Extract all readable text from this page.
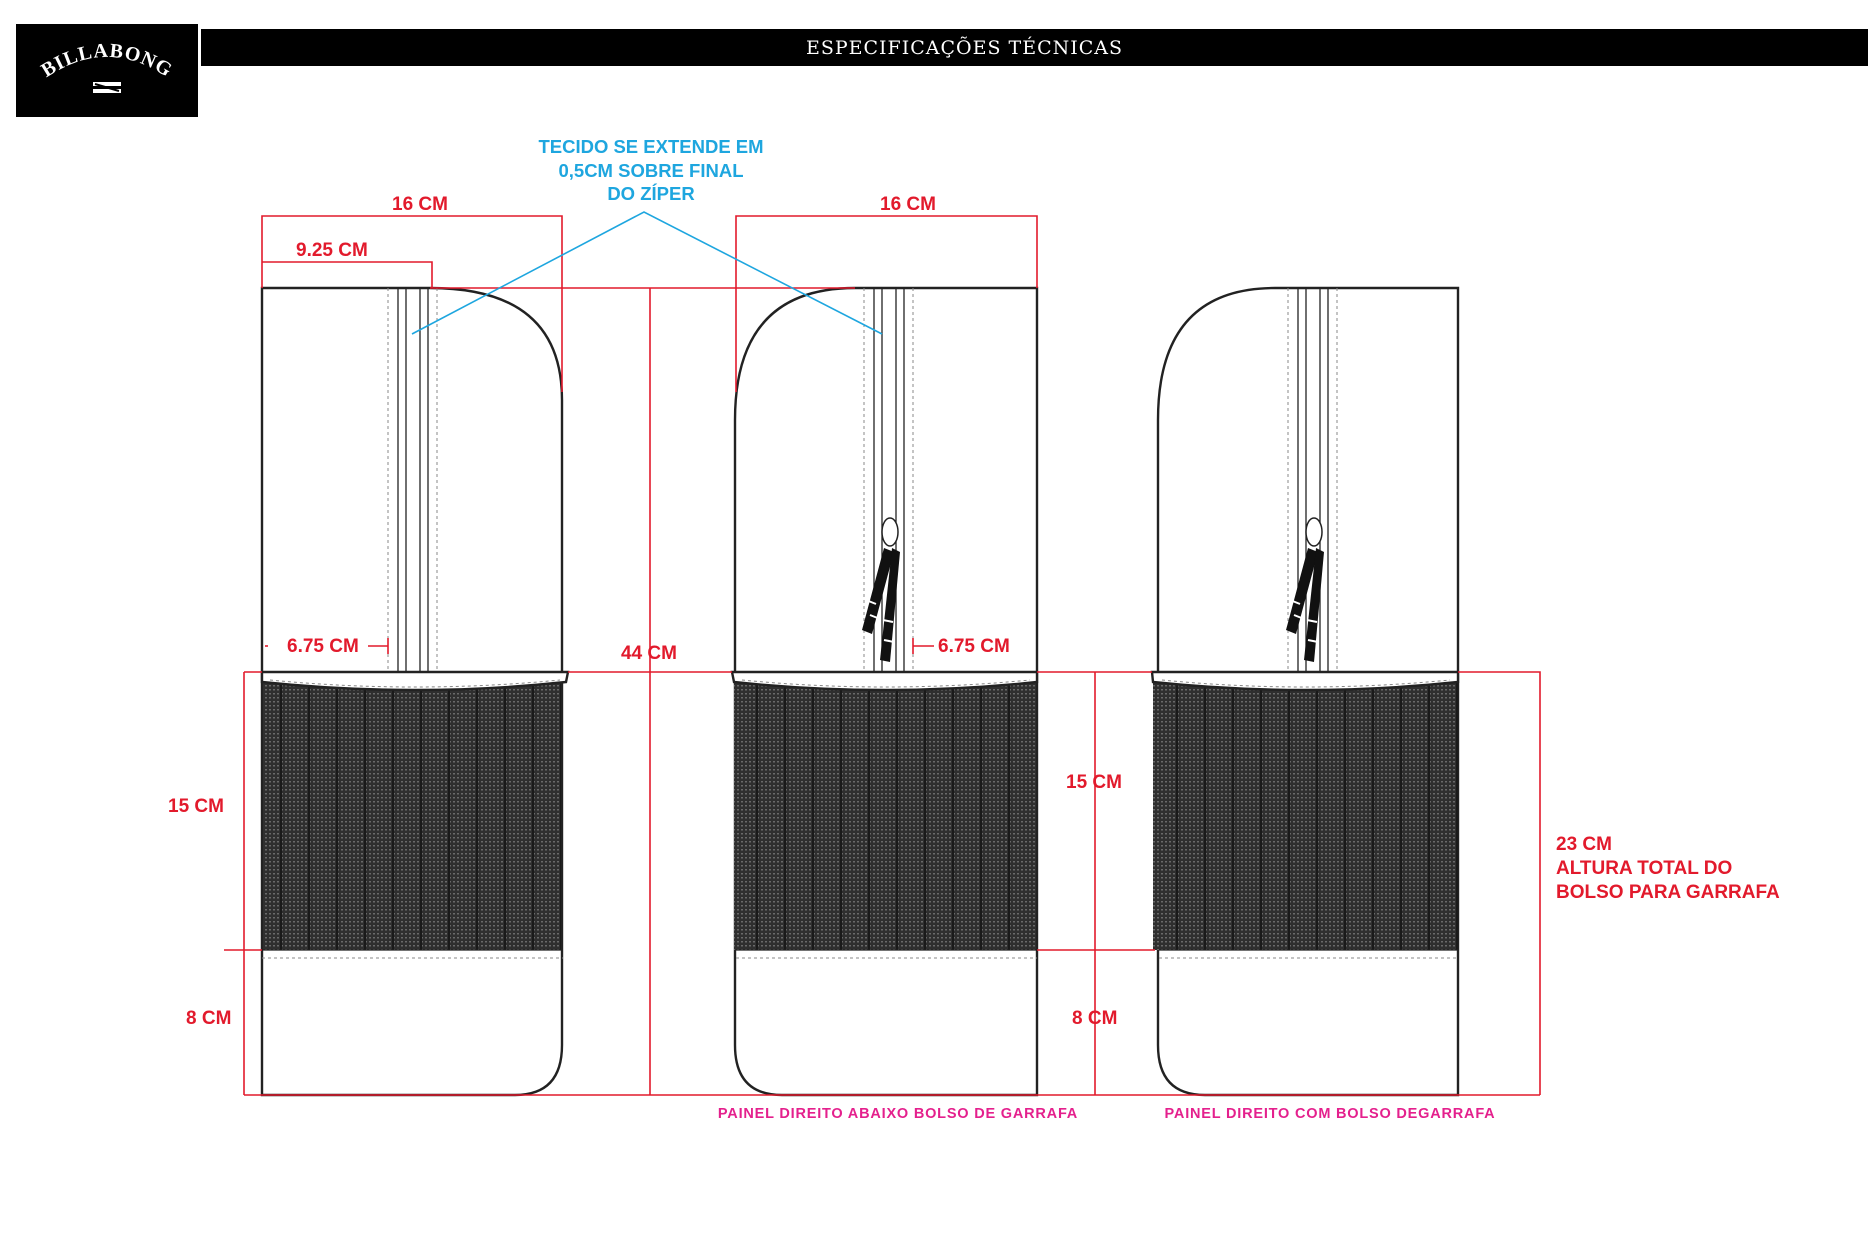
BILLABONG
ESPECIFICAÇÕES TÉCNICAS
TECIDO SE EXTENDE EM
0,5CM SOBRE FINAL
DO ZÍPER
16 CM	16 CM
9.25 CM
6.75 CM	6.75 CM
44 CM
15 CM
8 CM
15 CM
8 CM
23 CM
ALTURA TOTAL DO
BOLSO PARA GARRAFA
PAINEL DIREITO ABAIXO BOLSO DE GARRAFA	PAINEL DIREITO COM BOLSO DEGARRAFA
